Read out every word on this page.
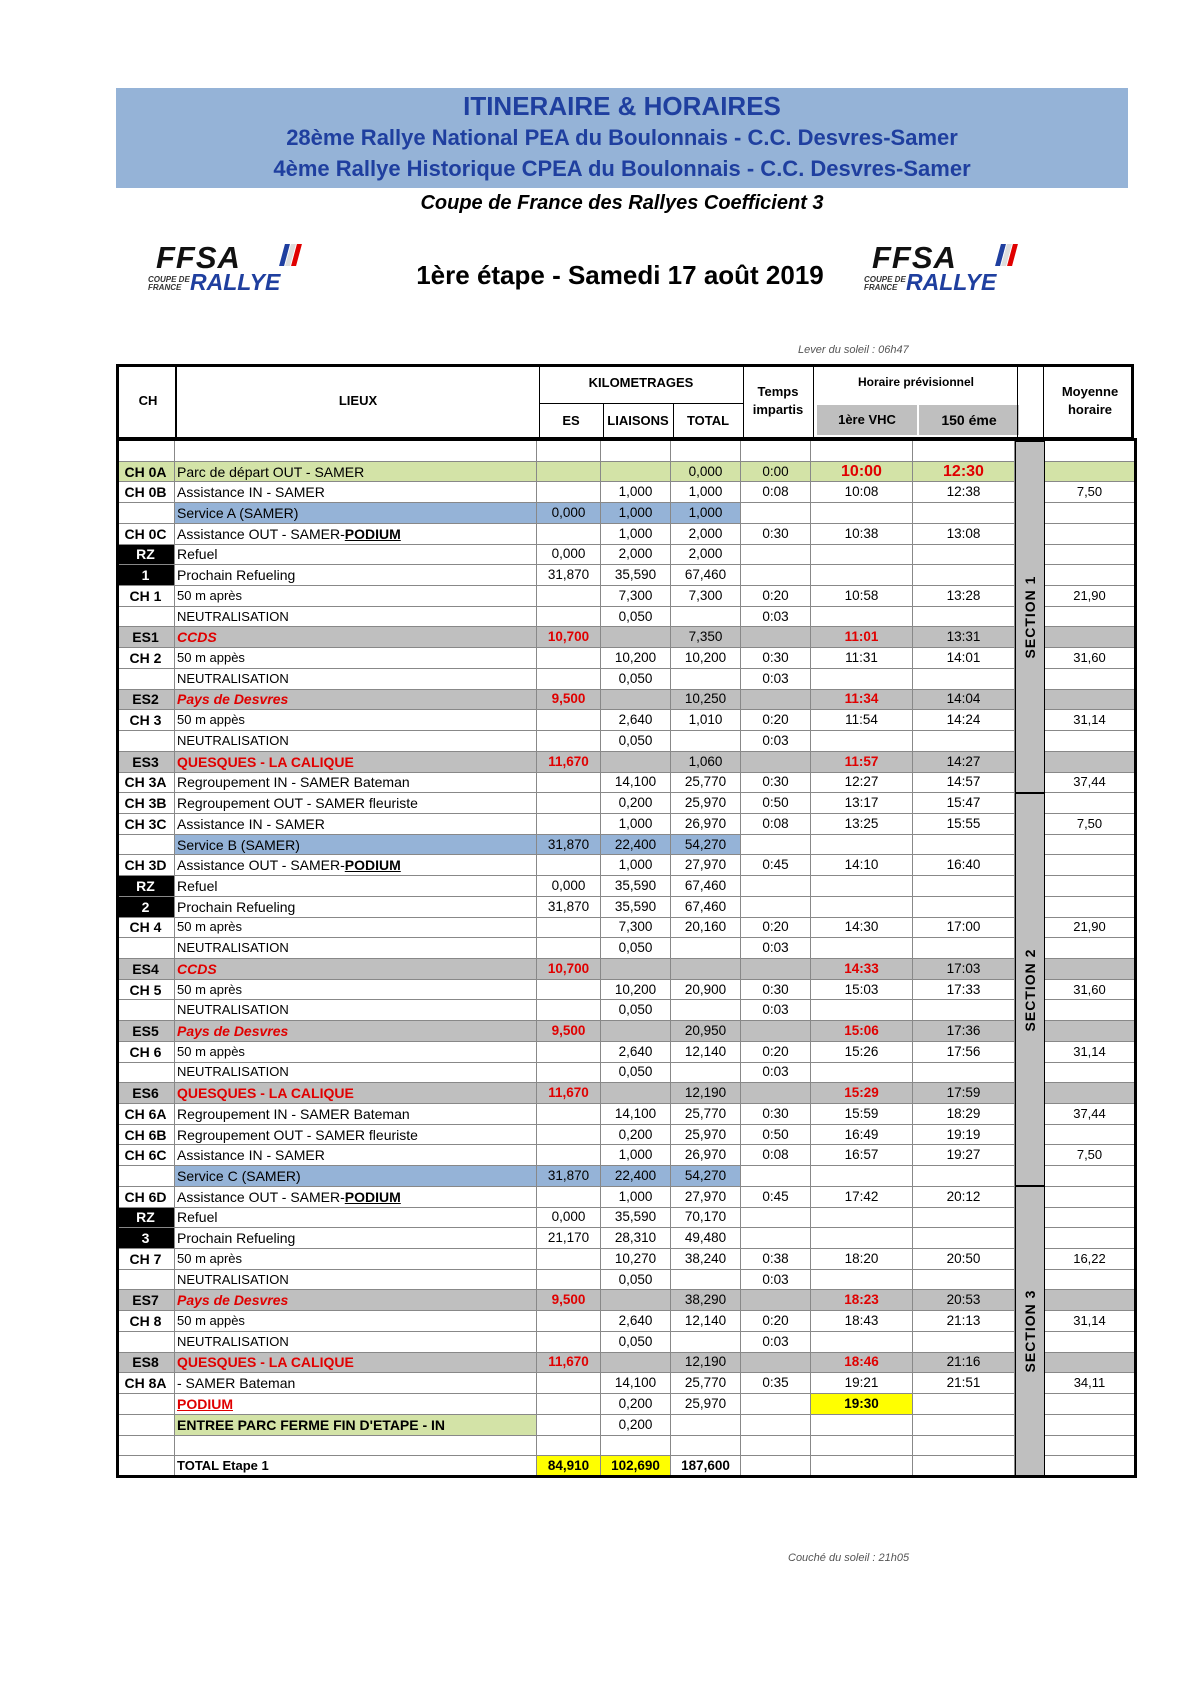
ITINERAIRE & HORAIRES
28ème Rallye National PEA du Boulonnais - C.C. Desvres-Samer
4ème Rallye Historique CPEA du Boulonnais - C.C. Desvres-Samer
Coupe de France des Rallyes Coefficient 3
FFSA
COUPE DE
FRANCE RALLYE	1ère étape - Samedi 17 août 2019	FFSA
COUPE DE
FRANCE RALLYE
Lever du soleil : 06h47
CH	LIEUX
KILOMETRAGES
ES	LIAISONS	TOTAL
Temps
impartis
Horaire prévisionnel
1ère VHC	150 éme
Moyenne
horaire

CH 0A	Parc de départ OUT - SAMER			0,000	0:00	10:00	12:30		
CH 0B	Assistance IN - SAMER		1,000	1,000	0:08	10:08	12:38		7,50
	Service A (SAMER)	0,000	1,000	1,000					
CH 0C	Assistance OUT - SAMER-PODIUM		1,000	2,000	0:30	10:38	13:08		
RZ	Refuel	0,000	2,000	2,000					
1	Prochain Refueling	31,870	35,590	67,460					
CH 1	50 m après		7,300	7,300	0:20	10:58	13:28		21,90
	NEUTRALISATION		0,050		0:03				
ES1	CCDS	10,700		7,350		11:01	13:31		
CH 2	50 m appès		10,200	10,200	0:30	11:31	14:01		31,60
	NEUTRALISATION		0,050		0:03				
ES2	Pays de Desvres	9,500		10,250		11:34	14:04		
CH 3	50 m appès		2,640	1,010	0:20	11:54	14:24		31,14
	NEUTRALISATION		0,050		0:03				
ES3	QUESQUES - LA CALIQUE	11,670		1,060		11:57	14:27		
CH 3A	Regroupement IN - SAMER Bateman		14,100	25,770	0:30	12:27	14:57		37,44
CH 3B	Regroupement OUT - SAMER fleuriste		0,200	25,970	0:50	13:17	15:47		
CH 3C	Assistance IN - SAMER		1,000	26,970	0:08	13:25	15:55		7,50
	Service B (SAMER)	31,870	22,400	54,270					
CH 3D	Assistance OUT - SAMER-PODIUM		1,000	27,970	0:45	14:10	16:40		
RZ	Refuel	0,000	35,590	67,460					
2	Prochain Refueling	31,870	35,590	67,460					
CH 4	50 m après		7,300	20,160	0:20	14:30	17:00		21,90
	NEUTRALISATION		0,050		0:03				
ES4	CCDS	10,700				14:33	17:03		
CH 5	50 m après		10,200	20,900	0:30	15:03	17:33		31,60
	NEUTRALISATION		0,050		0:03				
ES5	Pays de Desvres	9,500		20,950		15:06	17:36		
CH 6	50 m appès		2,640	12,140	0:20	15:26	17:56		31,14
	NEUTRALISATION		0,050		0:03				
ES6	QUESQUES - LA CALIQUE	11,670		12,190		15:29	17:59		
CH 6A	Regroupement IN - SAMER Bateman		14,100	25,770	0:30	15:59	18:29		37,44
CH 6B	Regroupement OUT - SAMER fleuriste		0,200	25,970	0:50	16:49	19:19		
CH 6C	Assistance IN - SAMER		1,000	26,970	0:08	16:57	19:27		7,50
	Service C (SAMER)	31,870	22,400	54,270					
CH 6D	Assistance OUT - SAMER-PODIUM		1,000	27,970	0:45	17:42	20:12		
RZ	Refuel	0,000	35,590	70,170					
3	Prochain Refueling	21,170	28,310	49,480					
CH 7	50 m après		10,270	38,240	0:38	18:20	20:50		16,22
	NEUTRALISATION		0,050		0:03				
ES7	Pays de Desvres	9,500		38,290		18:23	20:53		
CH 8	50 m appès		2,640	12,140	0:20	18:43	21:13		31,14
	NEUTRALISATION		0,050		0:03				
ES8	QUESQUES - LA CALIQUE	11,670		12,190		18:46	21:16		
CH 8A	- SAMER Bateman		14,100	25,770	0:35	19:21	21:51		34,11
	PODIUM		0,200	25,970		19:30			
	ENTREE PARC FERME FIN D'ETAPE - IN		0,200						

	TOTAL Etape 1	84,910	102,690	187,600					
SECTION 1
SECTION 2
SECTION 3
Couché du soleil : 21h05
